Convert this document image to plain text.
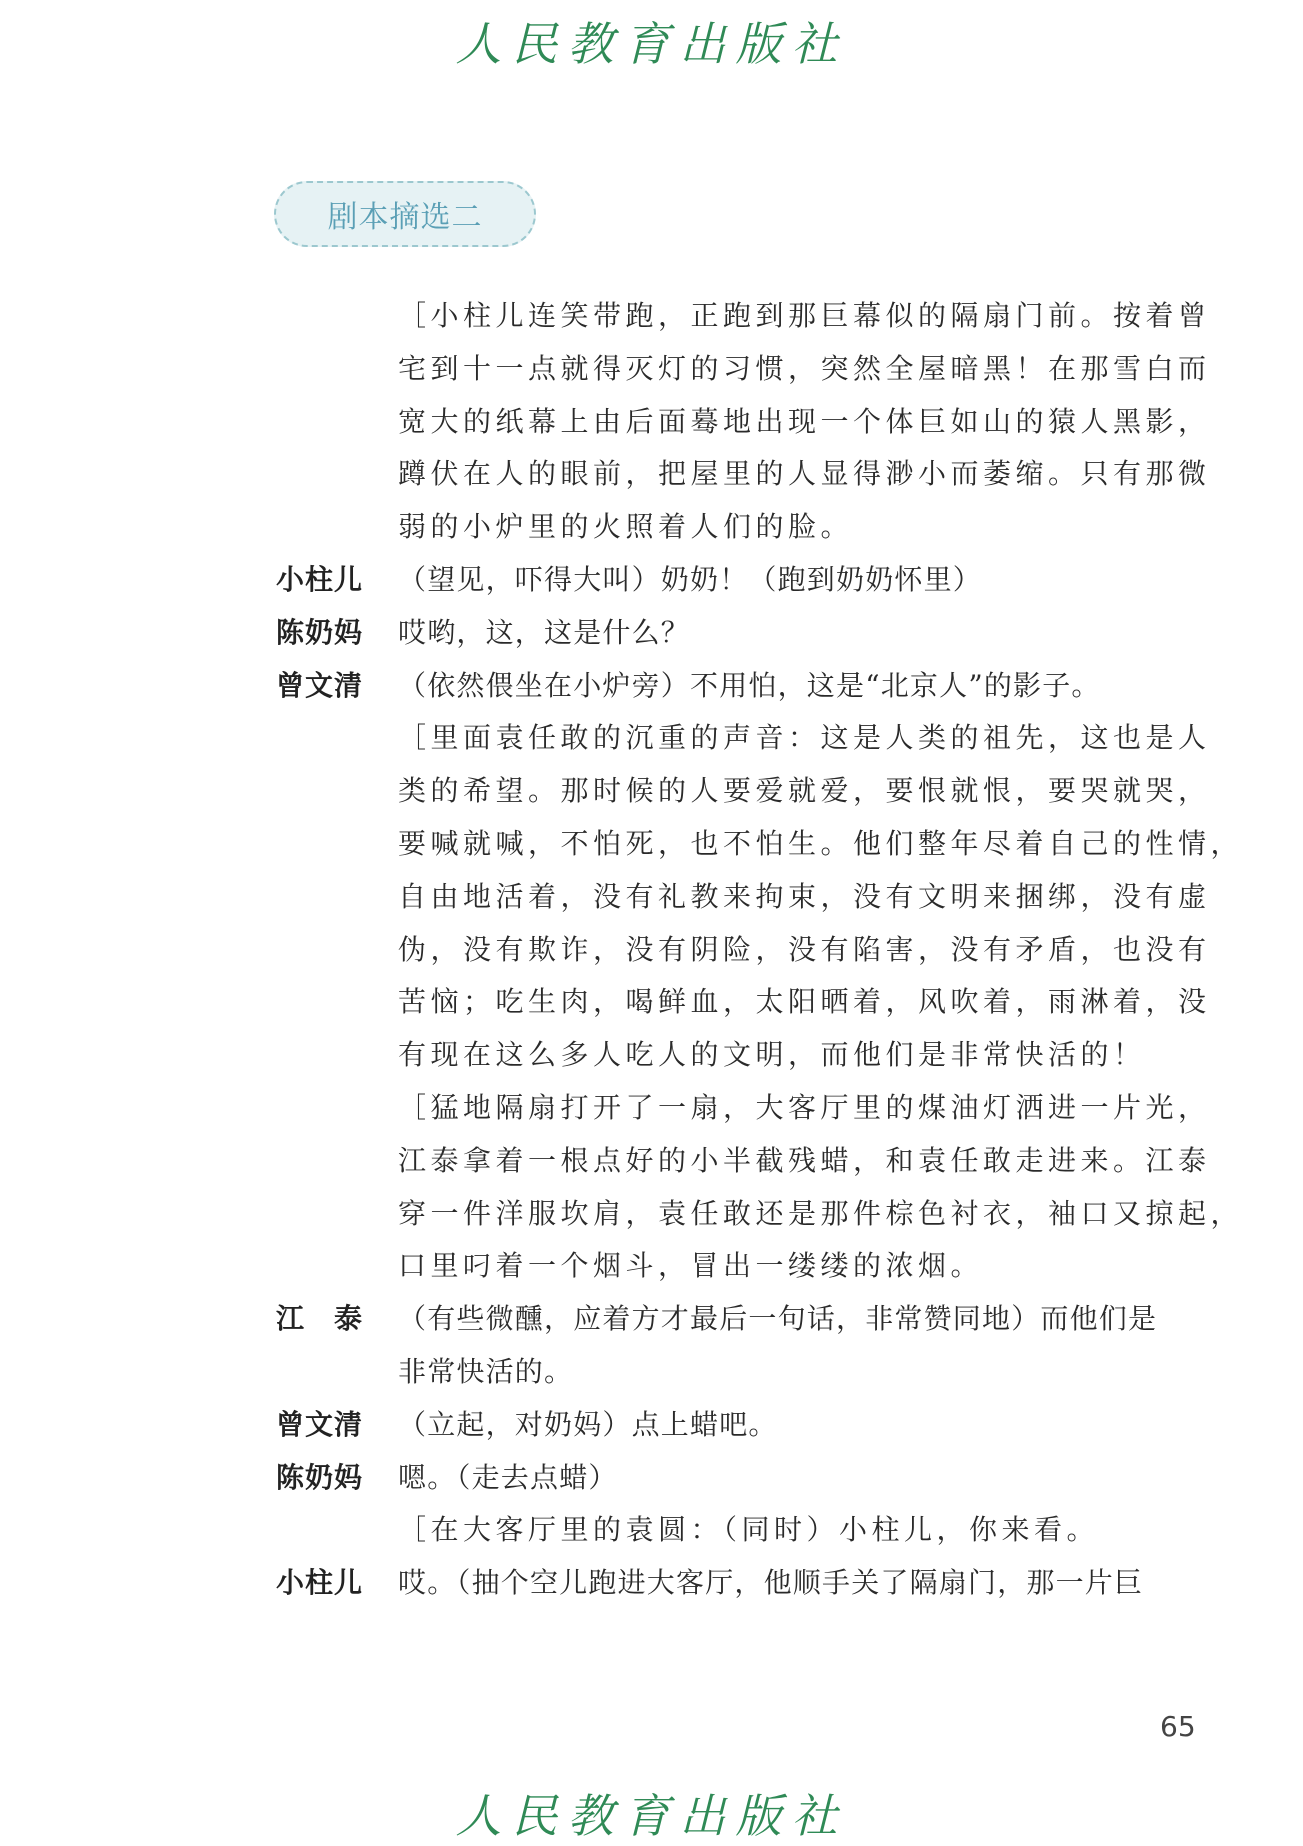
人民教育出版社
剧本摘选二
［小柱儿连笑带跑，正跑到那巨幕似的隔扇门前。按着曾
宅到十一点就得灭灯的习惯，突然全屋暗黑！在那雪白而
宽大的纸幕上由后面蓦地出现一个体巨如山的猿人黑影，
蹲伏在人的眼前，把屋里的人显得渺小而萎缩。只有那微
弱的小炉里的火照着人们的脸。
小柱儿	（望见，吓得大叫）奶奶！（跑到奶奶怀里）
陈奶妈	哎哟，这，这是什么？
曾文清	（依然偎坐在小炉旁）不用怕，这是“北京人”的影子。
［里面袁任敢的沉重的声音：这是人类的祖先，这也是人
类的希望。那时候的人要爱就爱，要恨就恨，要哭就哭，
要喊就喊，不怕死，也不怕生。他们整年尽着自己的性情，
自由地活着，没有礼教来拘束，没有文明来捆绑，没有虚
伪，没有欺诈，没有阴险，没有陷害，没有矛盾，也没有
苦恼；吃生肉，喝鲜血，太阳晒着，风吹着，雨淋着，没
有现在这么多人吃人的文明，而他们是非常快活的！
［猛地隔扇打开了一扇，大客厅里的煤油灯洒进一片光，
江泰拿着一根点好的小半截残蜡，和袁任敢走进来。江泰
穿一件洋服坎肩，袁任敢还是那件棕色衬衣，袖口又掠起，
口里叼着一个烟斗，冒出一缕缕的浓烟。
江　泰	（有些微醺，应着方才最后一句话，非常赞同地）而他们是
非常快活的。
曾文清	（立起，对奶妈）点上蜡吧。
陈奶妈	嗯。（走去点蜡）
［在大客厅里的袁圆：（同时）小柱儿，你来看。
小柱儿	哎。（抽个空儿跑进大客厅，他顺手关了隔扇门，那一片巨
65
人民教育出版社
